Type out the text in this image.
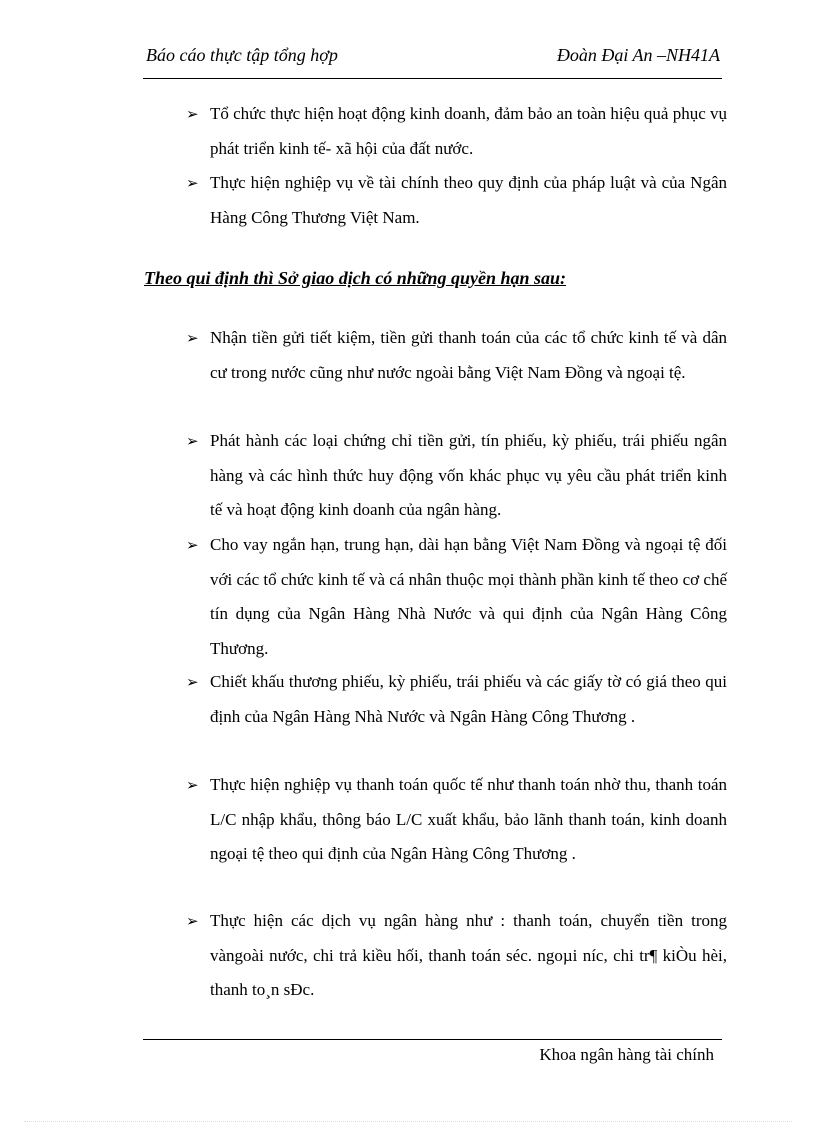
Báo cáo thực tập tổng hợp	Đoàn Đại An –NH41A
➢ Tổ chức thực hiện hoạt động kinh doanh, đảm bảo an toàn hiệu quả phục vụ phát triển kinh tế- xã hội của đất nước.
➢ Thực hiện nghiệp vụ về tài chính theo quy định của pháp luật và của Ngân Hàng Công Thương Việt Nam.
Theo qui định thì Sở giao dịch có những quyền hạn sau:
➢ Nhận tiền gửi tiết kiệm, tiền gửi thanh toán của các tổ chức kinh tế và dân cư trong nước cũng như nước ngoài bằng Việt Nam Đồng và ngoại tệ.
➢ Phát hành các loại chứng chỉ tiền gửi, tín phiếu, kỳ phiếu, trái phiếu ngân hàng và các hình thức huy động vốn khác phục vụ yêu cầu phát triển kinh tế và hoạt động kinh doanh của ngân hàng.
➢ Cho vay ngắn hạn, trung hạn, dài hạn bằng Việt Nam Đồng và ngoại tệ đối với các tổ chức kinh tế và cá nhân thuộc mọi thành phần kinh tế theo cơ chế tín dụng của Ngân Hàng Nhà Nước và qui định của Ngân Hàng Công Thương.
➢ Chiết khấu thương phiếu, kỳ phiếu, trái phiếu và các giấy tờ có giá theo qui định của Ngân Hàng Nhà Nước và Ngân Hàng Công Thương .
➢ Thực hiện nghiệp vụ thanh toán quốc tế như thanh toán nhờ thu, thanh toán L/C nhập khẩu, thông báo L/C xuất khẩu, bảo lãnh thanh toán, kinh doanh ngoại tệ theo qui định của Ngân Hàng Công Thương .
➢ Thực hiện các dịch vụ ngân hàng như : thanh toán, chuyển tiền trong vàngoài nước, chi trả kiều hối, thanh toán séc. ngoµi níc, chi tr¶ kiÒu hèi, thanh to¸n sÐc.
Khoa ngân hàng tài chính
